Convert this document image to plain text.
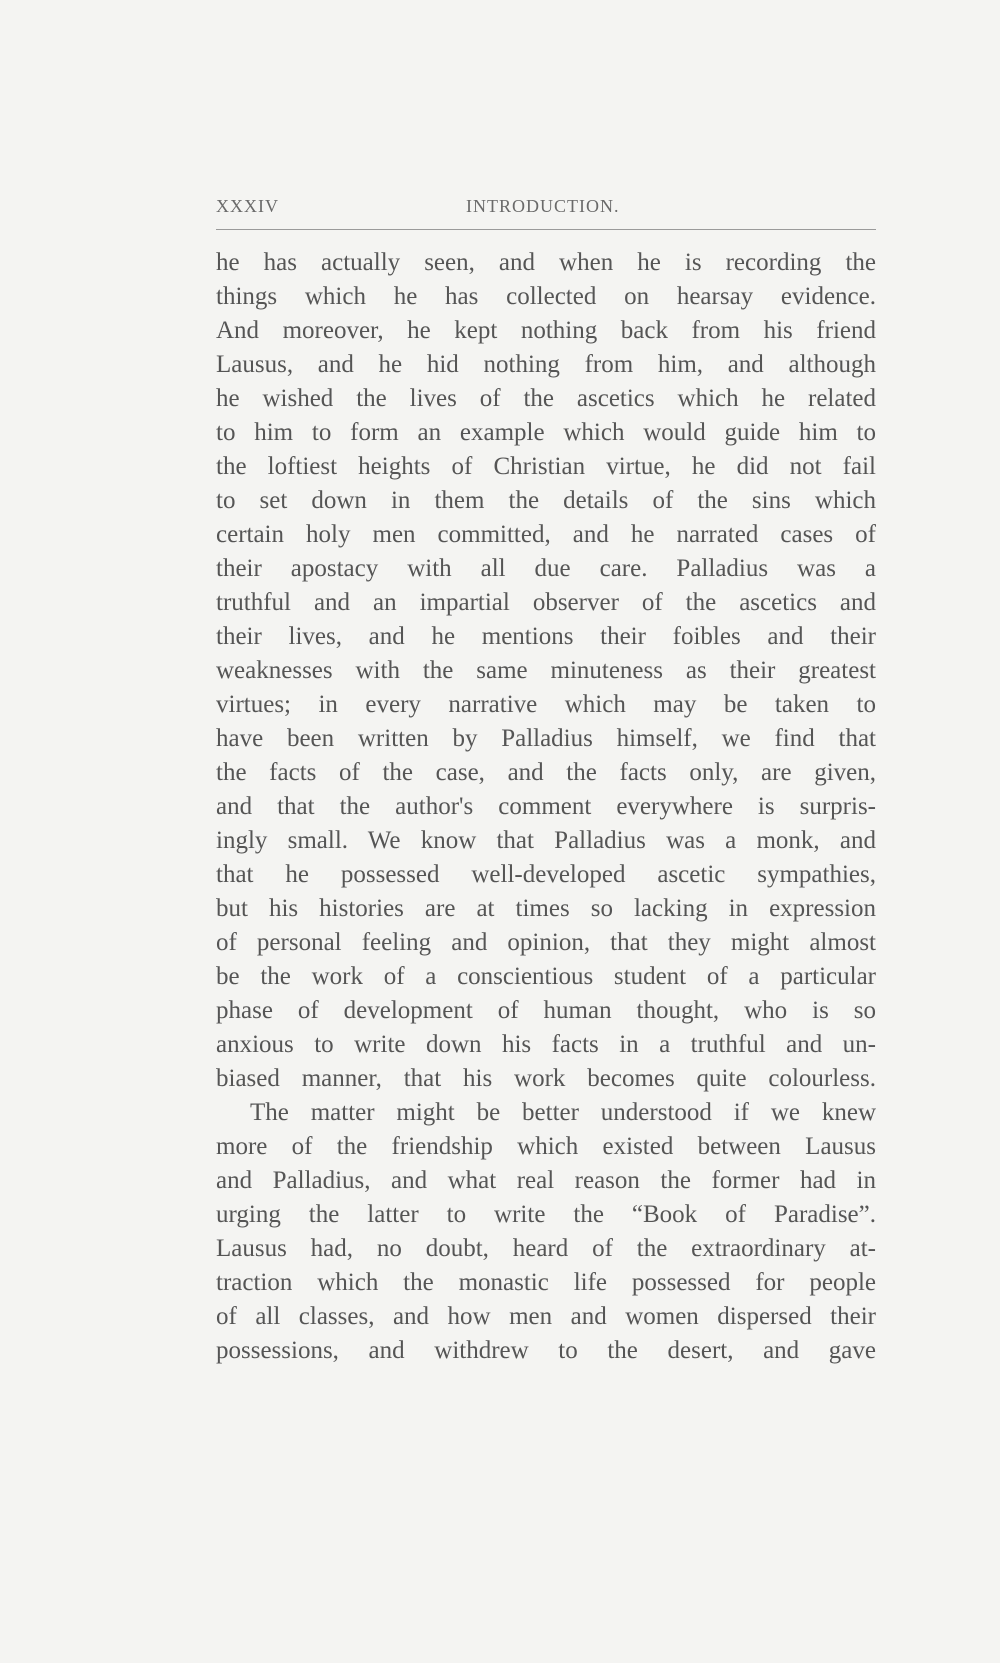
XXXIV	INTRODUCTION.
he has actually seen, and when he is recording the
things which he has collected on hearsay evidence.
And moreover, he kept nothing back from his friend
Lausus, and he hid nothing from him, and although
he wished the lives of the ascetics which he related
to him to form an example which would guide him to
the loftiest heights of Christian virtue, he did not fail
to set down in them the details of the sins which
certain holy men committed, and he narrated cases of
their apostacy with all due care. Palladius was a
truthful and an impartial observer of the ascetics and
their lives, and he mentions their foibles and their
weaknesses with the same minuteness as their greatest
virtues; in every narrative which may be taken to
have been written by Palladius himself, we find that
the facts of the case, and the facts only, are given,
and that the author's comment everywhere is surpris-
ingly small. We know that Palladius was a monk, and
that he possessed well-developed ascetic sympathies,
but his histories are at times so lacking in expression
of personal feeling and opinion, that they might almost
be the work of a conscientious student of a particular
phase of development of human thought, who is so
anxious to write down his facts in a truthful and un-
biased manner, that his work becomes quite colourless.
The matter might be better understood if we knew
more of the friendship which existed between Lausus
and Palladius, and what real reason the former had in
urging the latter to write the “Book of Paradise”.
Lausus had, no doubt, heard of the extraordinary at-
traction which the monastic life possessed for people
of all classes, and how men and women dispersed their
possessions, and withdrew to the desert, and gave
